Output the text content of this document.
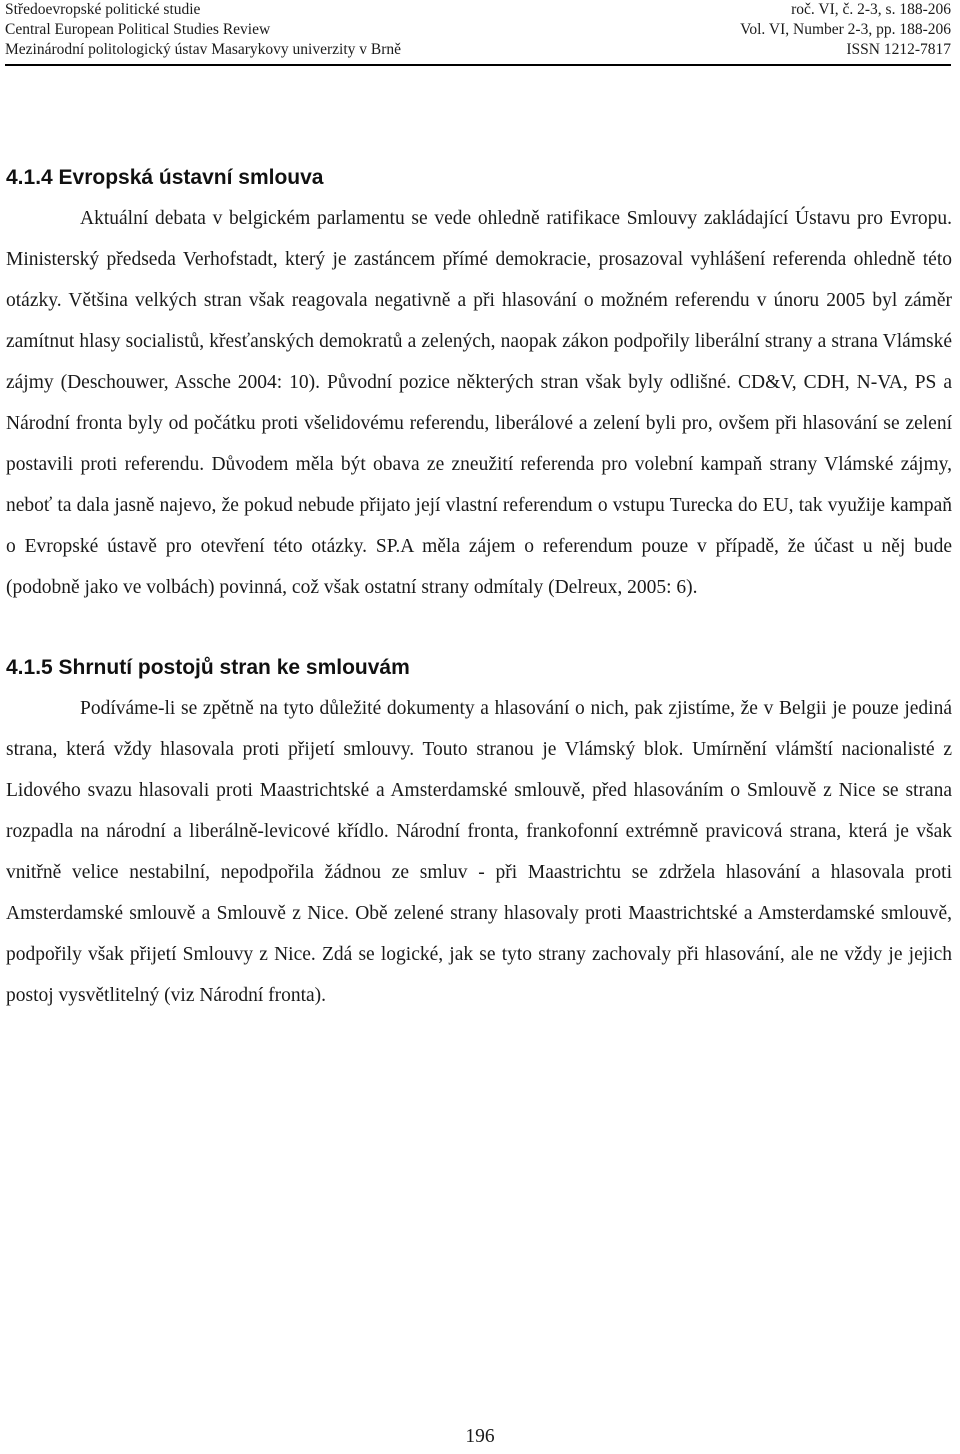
Středoevropské politické studie	roč. VI, č. 2-3, s. 188-206
Central European Political Studies Review	Vol. VI, Number 2-3, pp. 188-206
Mezinárodní politologický ústav Masarykovy univerzity v Brně	ISSN 1212-7817
4.1.4 Evropská ústavní smlouva

Aktuální debata v belgickém parlamentu se vede ohledně ratifikace Smlouvy zakládající Ústavu pro Evropu. Ministerský předseda Verhofstadt, který je zastáncem přímé demokracie, prosazoval vyhlášení referenda ohledně této otázky. Většina velkých stran však reagovala negativně a při hlasování o možném referendu v únoru 2005 byl záměr zamítnut hlasy socialistů, křesťanských demokratů a zelených, naopak zákon podpořily liberální strany a strana Vlámské zájmy (Deschouwer, Assche 2004: 10). Původní pozice některých stran však byly odlišné. CD&V, CDH, N-VA, PS a Národní fronta byly od počátku proti všelidovému referendu, liberálové a zelení byli pro, ovšem při hlasování se zelení postavili proti referendu. Důvodem měla být obava ze zneužití referenda pro volební kampaň strany Vlámské zájmy, neboť ta dala jasně najevo, že pokud nebude přijato její vlastní referendum o vstupu Turecka do EU, tak využije kampaň o Evropské ústavě pro otevření této otázky. SP.A měla zájem o referendum pouze v případě, že účast u něj bude (podobně jako ve volbách) povinná, což však ostatní strany odmítaly (Delreux, 2005: 6).

4.1.5 Shrnutí postojů stran ke smlouvám

Podíváme-li se zpětně na tyto důležité dokumenty a hlasování o nich, pak zjistíme, že v Belgii je pouze jediná strana, která vždy hlasovala proti přijetí smlouvy. Touto stranou je Vlámský blok. Umírnění vlámští nacionalisté z Lidového svazu hlasovali proti Maastrichtské a Amsterdamské smlouvě, před hlasováním o Smlouvě z Nice se strana rozpadla na národní a liberálně-levicové křídlo. Národní fronta, frankofonní extrémně pravicová strana, která je však vnitřně velice nestabilní, nepodpořila žádnou ze smluv - při Maastrichtu se zdržela hlasování a hlasovala proti Amsterdamské smlouvě a Smlouvě z Nice. Obě zelené strany hlasovaly proti Maastrichtské a Amsterdamské smlouvě, podpořily však přijetí Smlouvy z Nice. Zdá se logické, jak se tyto strany zachovaly při hlasování, ale ne vždy je jejich postoj vysvětlitelný (viz Národní fronta).

196
